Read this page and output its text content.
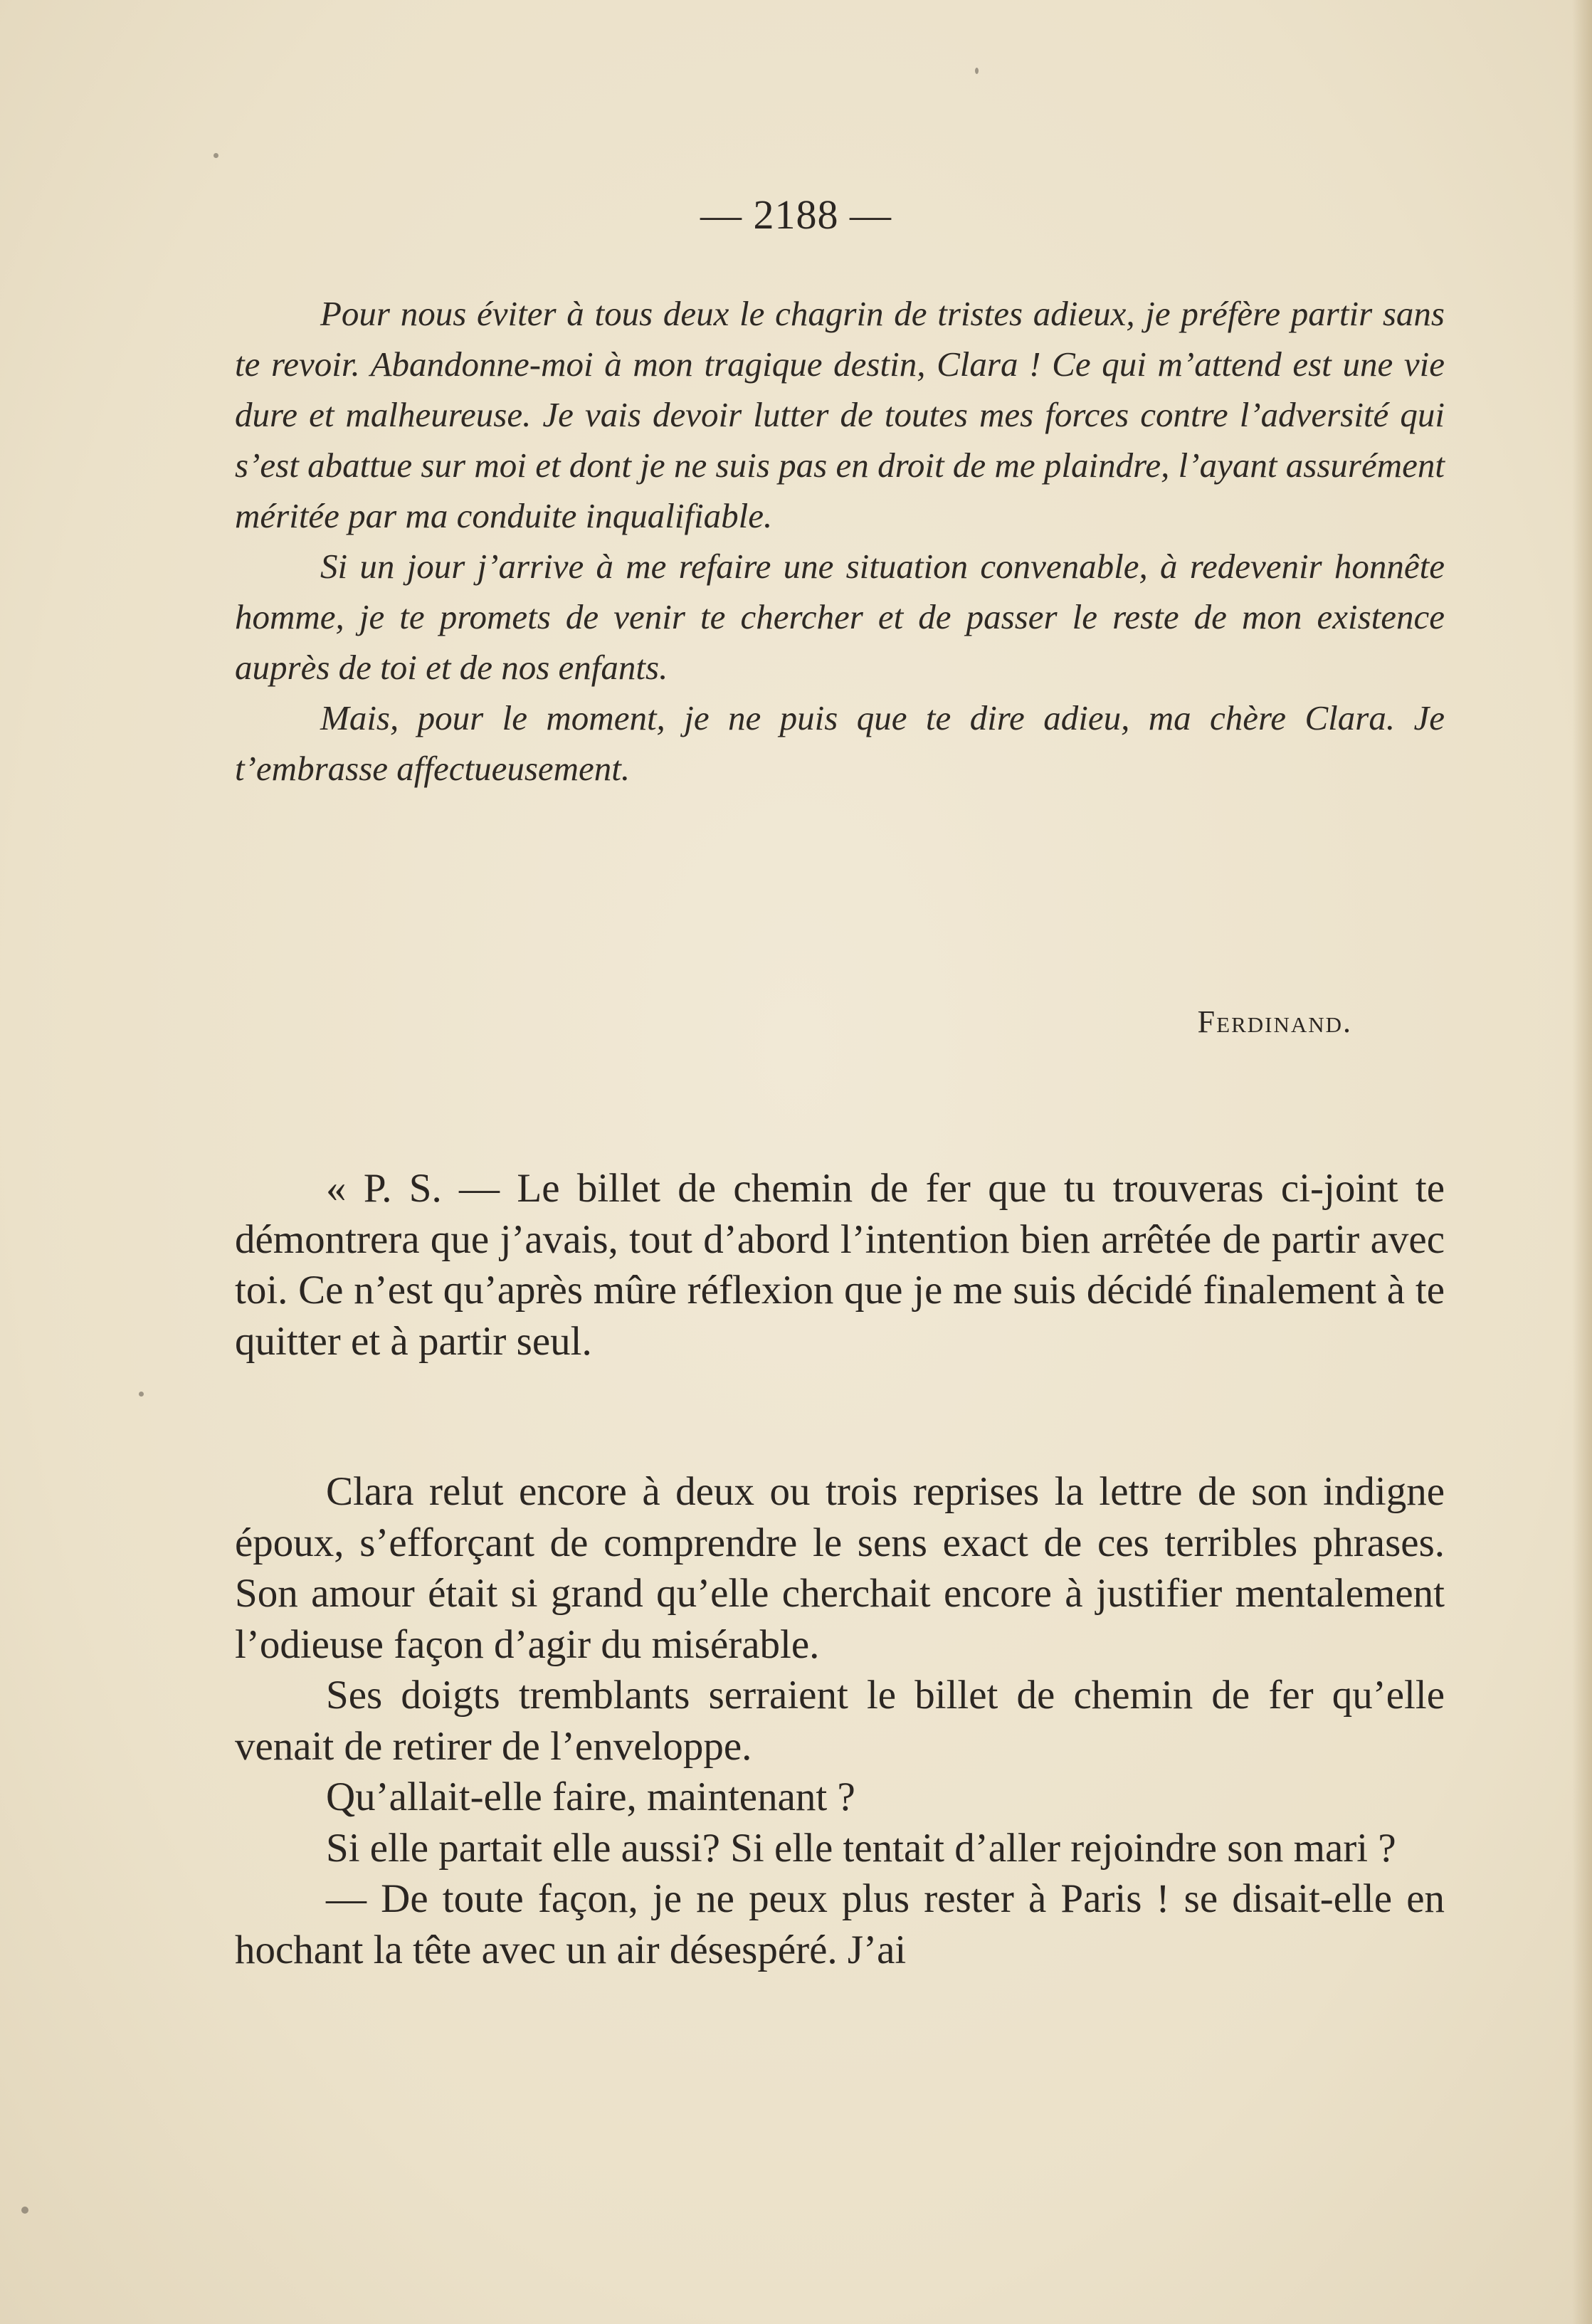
— 2188 —

Pour nous éviter à tous deux le chagrin de tristes adieux, je préfère partir sans te revoir. Abandonne-moi à mon tragique destin, Clara ! Ce qui m’attend est une vie dure et malheureuse. Je vais devoir lutter de toutes mes forces contre l’adversité qui s’est abattue sur moi et dont je ne suis pas en droit de me plaindre, l’ayant assurément méritée par ma conduite inqualifiable.

Si un jour j’arrive à me refaire une situation convenable, à redevenir honnête homme, je te promets de venir te chercher et de passer le reste de mon existence auprès de toi et de nos enfants.

Mais, pour le moment, je ne puis que te dire adieu, ma chère Clara. Je t’embrasse affectueusement.

Ferdinand.

« P. S. — Le billet de chemin de fer que tu trouveras ci-joint te démontrera que j’avais, tout d’abord l’intention bien arrêtée de partir avec toi. Ce n’est qu’après mûre réflexion que je me suis décidé finalement à te quitter et à partir seul.

Clara relut encore à deux ou trois reprises la lettre de son indigne époux, s’efforçant de comprendre le sens exact de ces terribles phrases. Son amour était si grand qu’elle cherchait encore à justifier mentalement l’odieuse façon d’agir du misérable.

Ses doigts tremblants serraient le billet de chemin de fer qu’elle venait de retirer de l’enveloppe.

Qu’allait-elle faire, maintenant ?

Si elle partait elle aussi? Si elle tentait d’aller rejoindre son mari ?

— De toute façon, je ne peux plus rester à Paris ! se disait-elle en hochant la tête avec un air désespéré. J’ai
